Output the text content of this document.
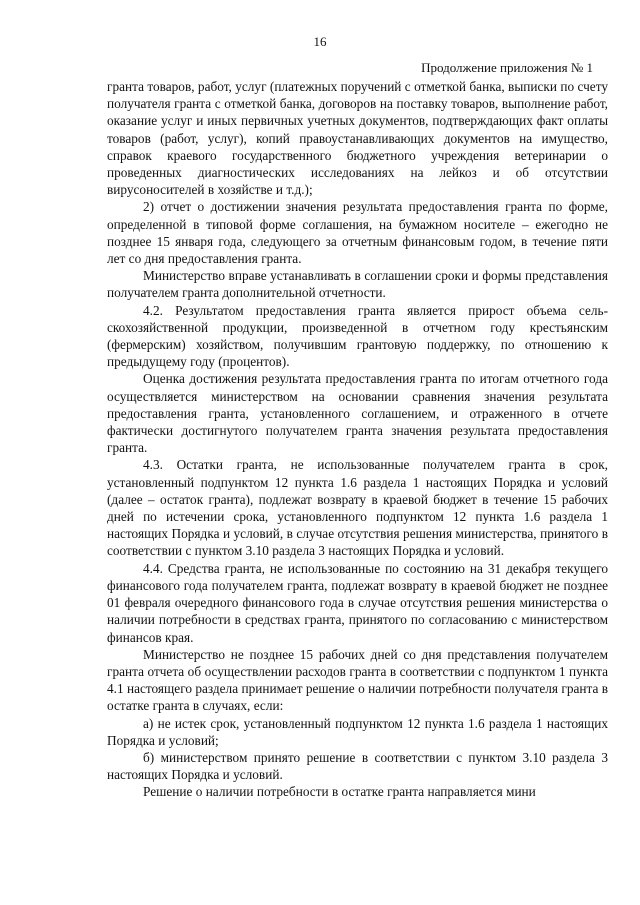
16
Продолжение приложения № 1

гранта товаров, работ, услуг (платежных поручений с отметкой банка, выписки по счету получателя гранта с отметкой банка, договоров на поставку товаров, выполнение работ, оказание услуг и иных первичных учетных документов, подтверждающих факт оплаты товаров (работ, услуг), копий правоустанавливающих документов на имущество, справок краевого государственного бюджетного учреждения ветеринарии о проведенных диагностических исследованиях на лейкоз и об отсутствии вирусоносителей в хозяйстве и т.д.);

2) отчет о достижении значения результата предоставления гранта по форме, определенной в типовой форме соглашения, на бумажном носителе – ежегодно не позднее 15 января года, следующего за отчетным финансовым годом, в течение пяти лет со дня предоставления гранта.

Министерство вправе устанавливать в соглашении сроки и формы представления получателем гранта дополнительной отчетности.

4.2. Результатом предоставления гранта является прирост объема сельскохозяйственной продукции, произведенной в отчетном году крестьянским (фермерским) хозяйством, получившим грантовую поддержку, по отношению к предыдущему году (процентов).

Оценка достижения результата предоставления гранта по итогам отчетного года осуществляется министерством на основании сравнения значения результата предоставления гранта, установленного соглашением, и отраженного в отчете фактически достигнутого получателем гранта значения результата предоставления гранта.

4.3. Остатки гранта, не использованные получателем гранта в срок, установленный подпунктом 12 пункта 1.6 раздела 1 настоящих Порядка и условий (далее – остаток гранта), подлежат возврату в краевой бюджет в течение 15 рабочих дней по истечении срока, установленного подпунктом 12 пункта 1.6 раздела 1 настоящих Порядка и условий, в случае отсутствия решения министерства, принятого в соответствии с пунктом 3.10 раздела 3 настоящих Порядка и условий.

4.4. Средства гранта, не использованные по состоянию на 31 декабря текущего финансового года получателем гранта, подлежат возврату в краевой бюджет не позднее 01 февраля очередного финансового года в случае отсутствия решения министерства о наличии потребности в средствах гранта, принятого по согласованию с министерством финансов края.

Министерство не позднее 15 рабочих дней со дня представления получателем гранта отчета об осуществлении расходов гранта в соответствии с подпунктом 1 пункта 4.1 настоящего раздела принимает решение о наличии потребности получателя гранта в остатке гранта в случаях, если:

а) не истек срок, установленный подпунктом 12 пункта 1.6 раздела 1 настоящих Порядка и условий;

б) министерством принято решение в соответствии с пунктом 3.10 раздела 3 настоящих Порядка и условий.

Решение о наличии потребности в остатке гранта направляется мини
